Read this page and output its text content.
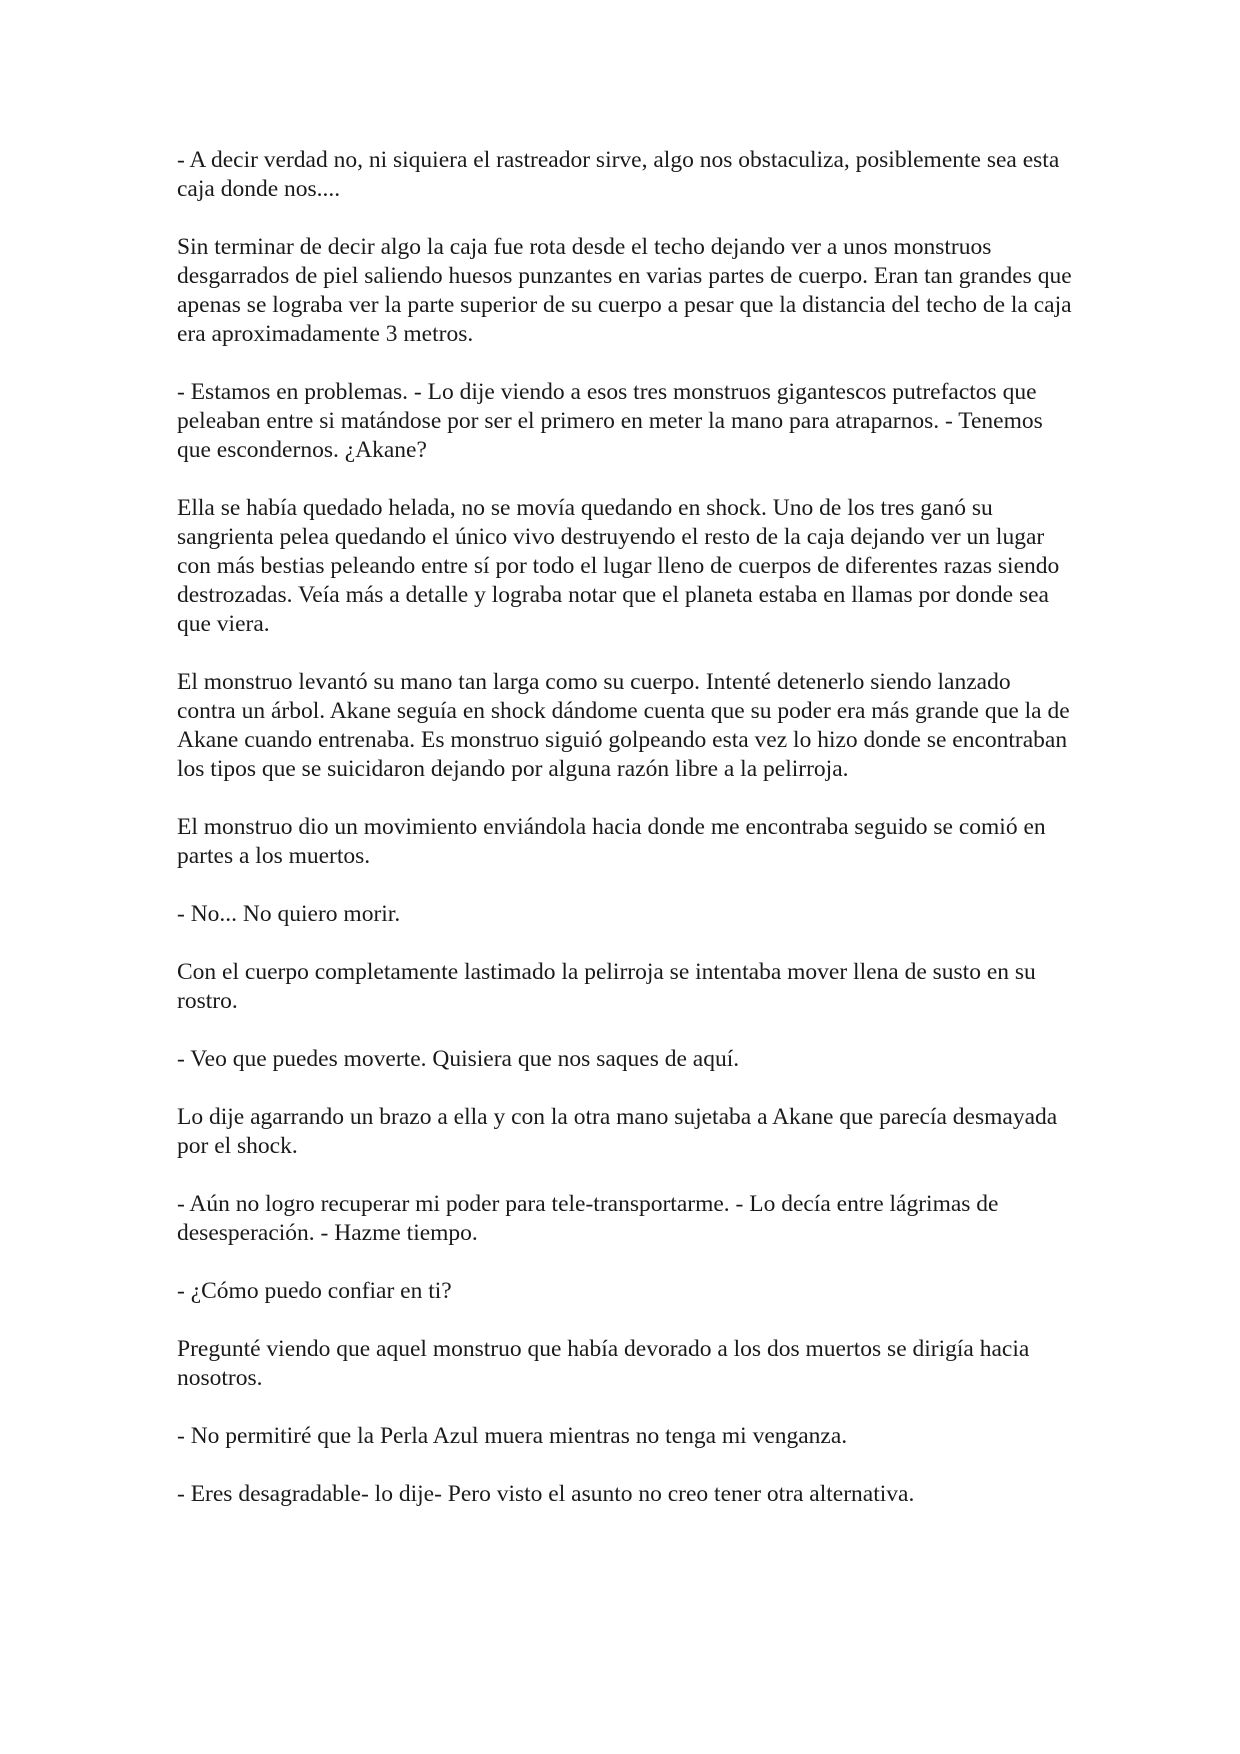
- A decir verdad no, ni siquiera el rastreador sirve, algo nos obstaculiza, posiblemente sea esta caja donde nos....

Sin terminar de decir algo la caja fue rota desde el techo dejando ver a unos monstruos desgarrados de piel saliendo huesos punzantes en varias partes de cuerpo. Eran tan grandes que apenas se lograba ver la parte superior de su cuerpo a pesar que la distancia del techo de la caja era aproximadamente 3 metros.

- Estamos en problemas. - Lo dije viendo a esos tres monstruos gigantescos putrefactos que peleaban entre si matándose por ser el primero en meter la mano para atraparnos. - Tenemos que escondernos. ¿Akane?

Ella se había quedado helada, no se movía quedando en shock. Uno de los tres ganó su sangrienta pelea quedando el único vivo destruyendo el resto de la caja dejando ver un lugar con más bestias peleando entre sí por todo el lugar lleno de cuerpos de diferentes razas siendo destrozadas. Veía más a detalle y lograba notar que el planeta estaba en llamas por donde sea que viera.

El monstruo levantó su mano tan larga como su cuerpo. Intenté detenerlo siendo lanzado contra un árbol. Akane seguía en shock dándome cuenta que su poder era más grande que la de Akane cuando entrenaba. Es monstruo siguió golpeando esta vez lo hizo donde se encontraban los tipos que se suicidaron dejando por alguna razón libre a la pelirroja.

El monstruo dio un movimiento enviándola hacia donde me encontraba seguido se comió en partes a los muertos.

- No... No quiero morir.

Con el cuerpo completamente lastimado la pelirroja se intentaba mover llena de susto en su rostro.

- Veo que puedes moverte. Quisiera que nos saques de aquí.

Lo dije agarrando un brazo a ella y con la otra mano sujetaba a Akane que parecía desmayada por el shock.

- Aún no logro recuperar mi poder para tele-transportarme. - Lo decía entre lágrimas de desesperación. - Hazme tiempo.

- ¿Cómo puedo confiar en ti?

Pregunté viendo que aquel monstruo que había devorado a los dos muertos se dirigía hacia nosotros.

- No permitiré que la Perla Azul muera mientras no tenga mi venganza.

- Eres desagradable- lo dije- Pero visto el asunto no creo tener otra alternativa.
